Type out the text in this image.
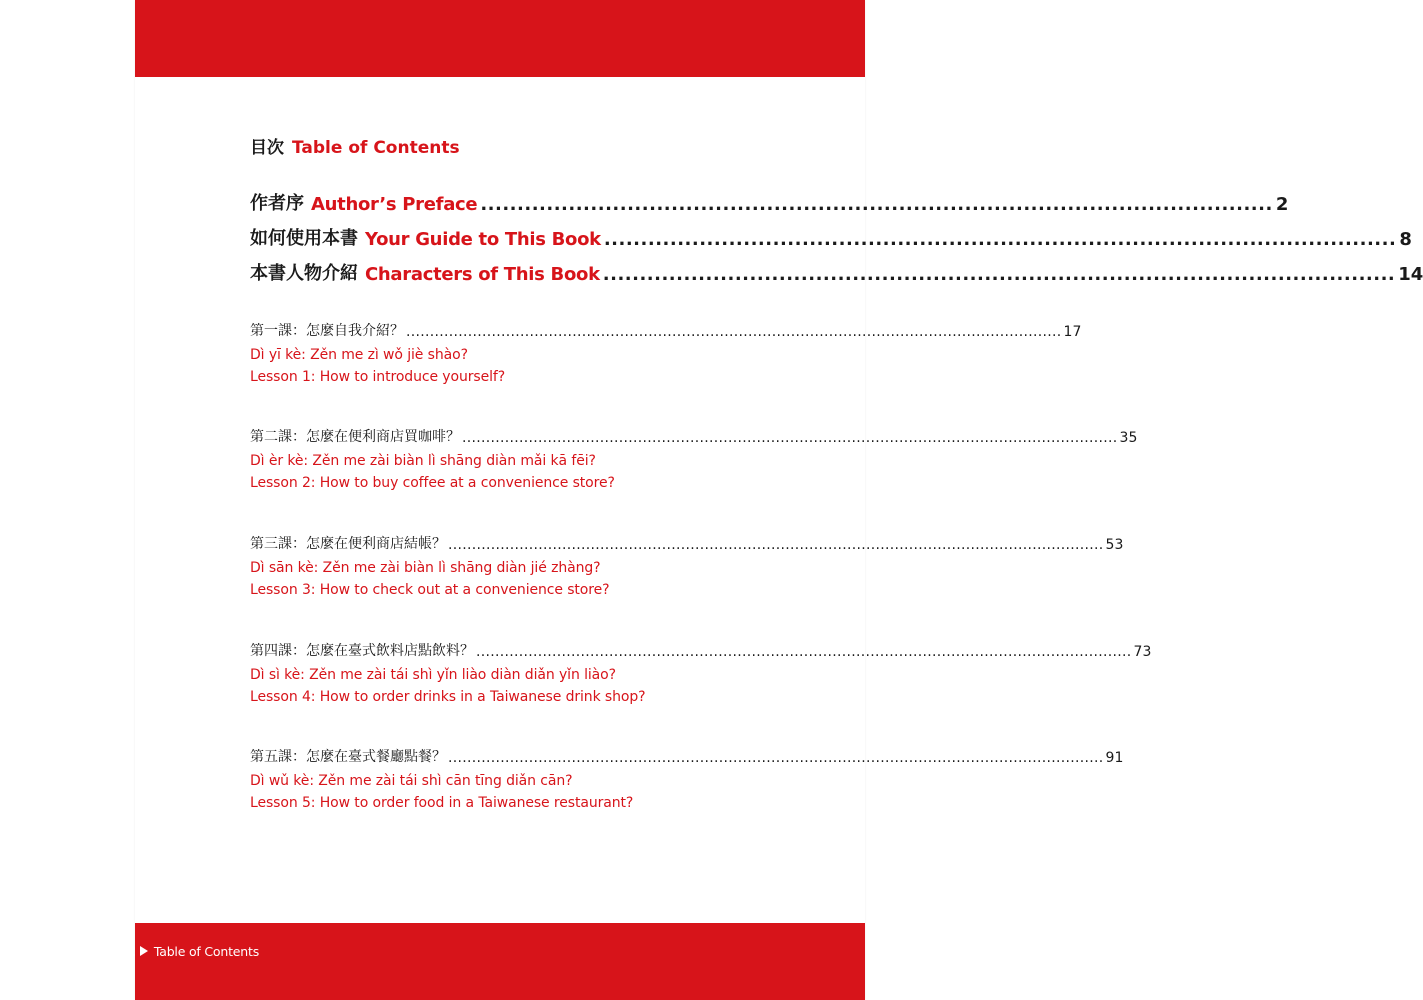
目次 Table of Contents
作者序 Author’s Preface ............................................................................................................ 2
如何使用本書 Your Guide to This Book ............................................................................................................ 8
本書人物介紹 Characters of This Book ............................................................................................................ 14
第一課：怎麼自我介紹？ .......................................................................................................................................... 17
Dì yī kè: Zěn me zì wǒ jiè shào?
Lesson 1: How to introduce yourself?
第二課：怎麼在便利商店買咖啡？ .......................................................................................................................................... 35
Dì èr kè: Zěn me zài biàn lì shāng diàn mǎi kā fēi?
Lesson 2: How to buy coffee at a convenience store?
第三課：怎麼在便利商店結帳？ .......................................................................................................................................... 53
Dì sān kè: Zěn me zài biàn lì shāng diàn jié zhàng?
Lesson 3: How to check out at a convenience store?
第四課：怎麼在臺式飲料店點飲料？ .......................................................................................................................................... 73
Dì sì kè: Zěn me zài tái shì yǐn liào diàn diǎn yǐn liào?
Lesson 4: How to order drinks in a Taiwanese drink shop?
第五課：怎麼在臺式餐廳點餐？ .......................................................................................................................................... 91
Dì wǔ kè: Zěn me zài tái shì cān tīng diǎn cān?
Lesson 5: How to order food in a Taiwanese restaurant?
12 Table of Contents
